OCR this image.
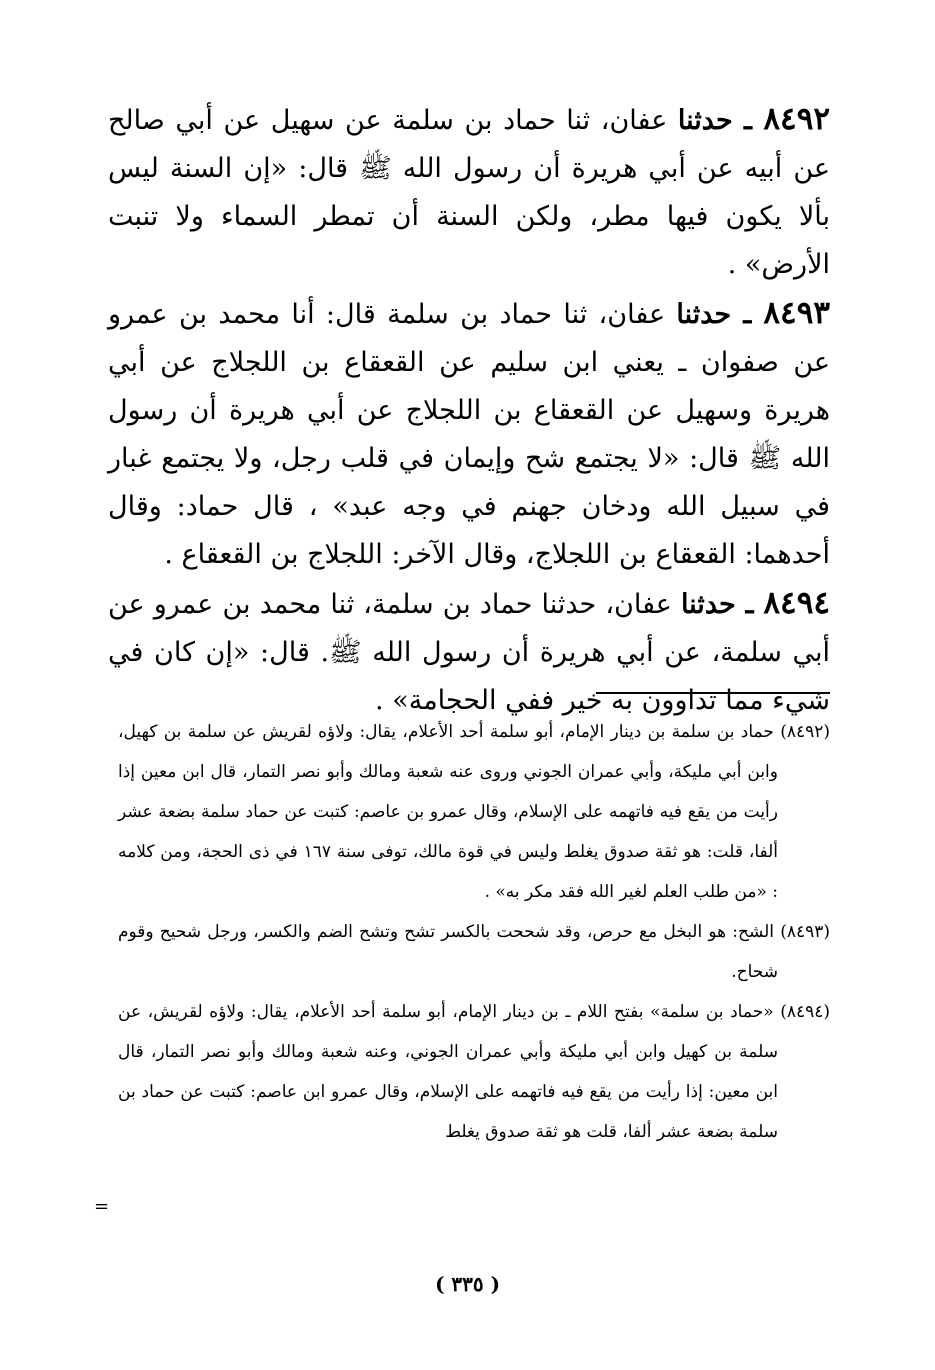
٨٤٩٢ ـ حدثنا عفان، ثنا حماد بن سلمة عن سهيل عن أبي صالح عن أبيه عن أبي هريرة أن رسول الله ﷺ قال: «إن السنة ليس بألا يكون فيها مطر، ولكن السنة أن تمطر السماء ولا تنبت الأرض» .

٨٤٩٣ ـ حدثنا عفان، ثنا حماد بن سلمة قال: أنا محمد بن عمرو عن صفوان ـ يعني ابن سليم عن القعقاع بن اللجلاج عن أبي هريرة وسهيل عن القعقاع بن اللجلاج عن أبي هريرة أن رسول الله ﷺ قال: «لا يجتمع شح وإيمان في قلب رجل، ولا يجتمع غبار في سبيل الله ودخان جهنم في وجه عبد» ، قال حماد: وقال أحدهما: القعقاع بن اللجلاج، وقال الآخر: اللجلاج بن القعقاع .

٨٤٩٤ ـ حدثنا عفان، حدثنا حماد بن سلمة، ثنا محمد بن عمرو عن أبي سلمة، عن أبي هريرة أن رسول الله ﷺ. قال: «إن كان في شيء مما تداوون به خير ففي الحجامة» .

(٨٤٩٢) حماد بن سلمة بن دينار الإمام، أبو سلمة أحد الأعلام، يقال: ولاؤه لقريش عن سلمة بن كهيل، وابن أبي مليكة، وأبي عمران الجوني وروى عنه شعبة ومالك وأبو نصر التمار، قال ابن معين إذا رأيت من يقع فيه فاتهمه على الإسلام، وقال عمرو بن عاصم: كتبت عن حماد سلمة بضعة عشر ألفا، قلت: هو ثقة صدوق يغلط وليس في قوة مالك، توفى سنة ١٦٧ في ذى الحجة، ومن كلامه : «من طلب العلم لغير الله فقد مكر به» .

(٨٤٩٣) الشح: هو البخل مع حرص، وقد شححت بالكسر تشح وتشح الضم والكسر، ورجل شحيح وقوم شحاح.

(٨٤٩٤) «حماد بن سلمة» بفتح اللام ـ بن دينار الإمام، أبو سلمة أحد الأعلام، يقال: ولاؤه لقريش، عن سلمة بن كهيل وابن أبي مليكة وأبي عمران الجوني، وعنه شعبة ومالك وأبو نصر التمار، قال ابن معين: إذا رأيت من يقع فيه فاتهمه على الإسلام، وقال عمرو ابن عاصم: كتبت عن حماد بن سلمة بضعة عشر ألفا، قلت هو ثقة صدوق يغلط

=
( ٣٣٥ )
